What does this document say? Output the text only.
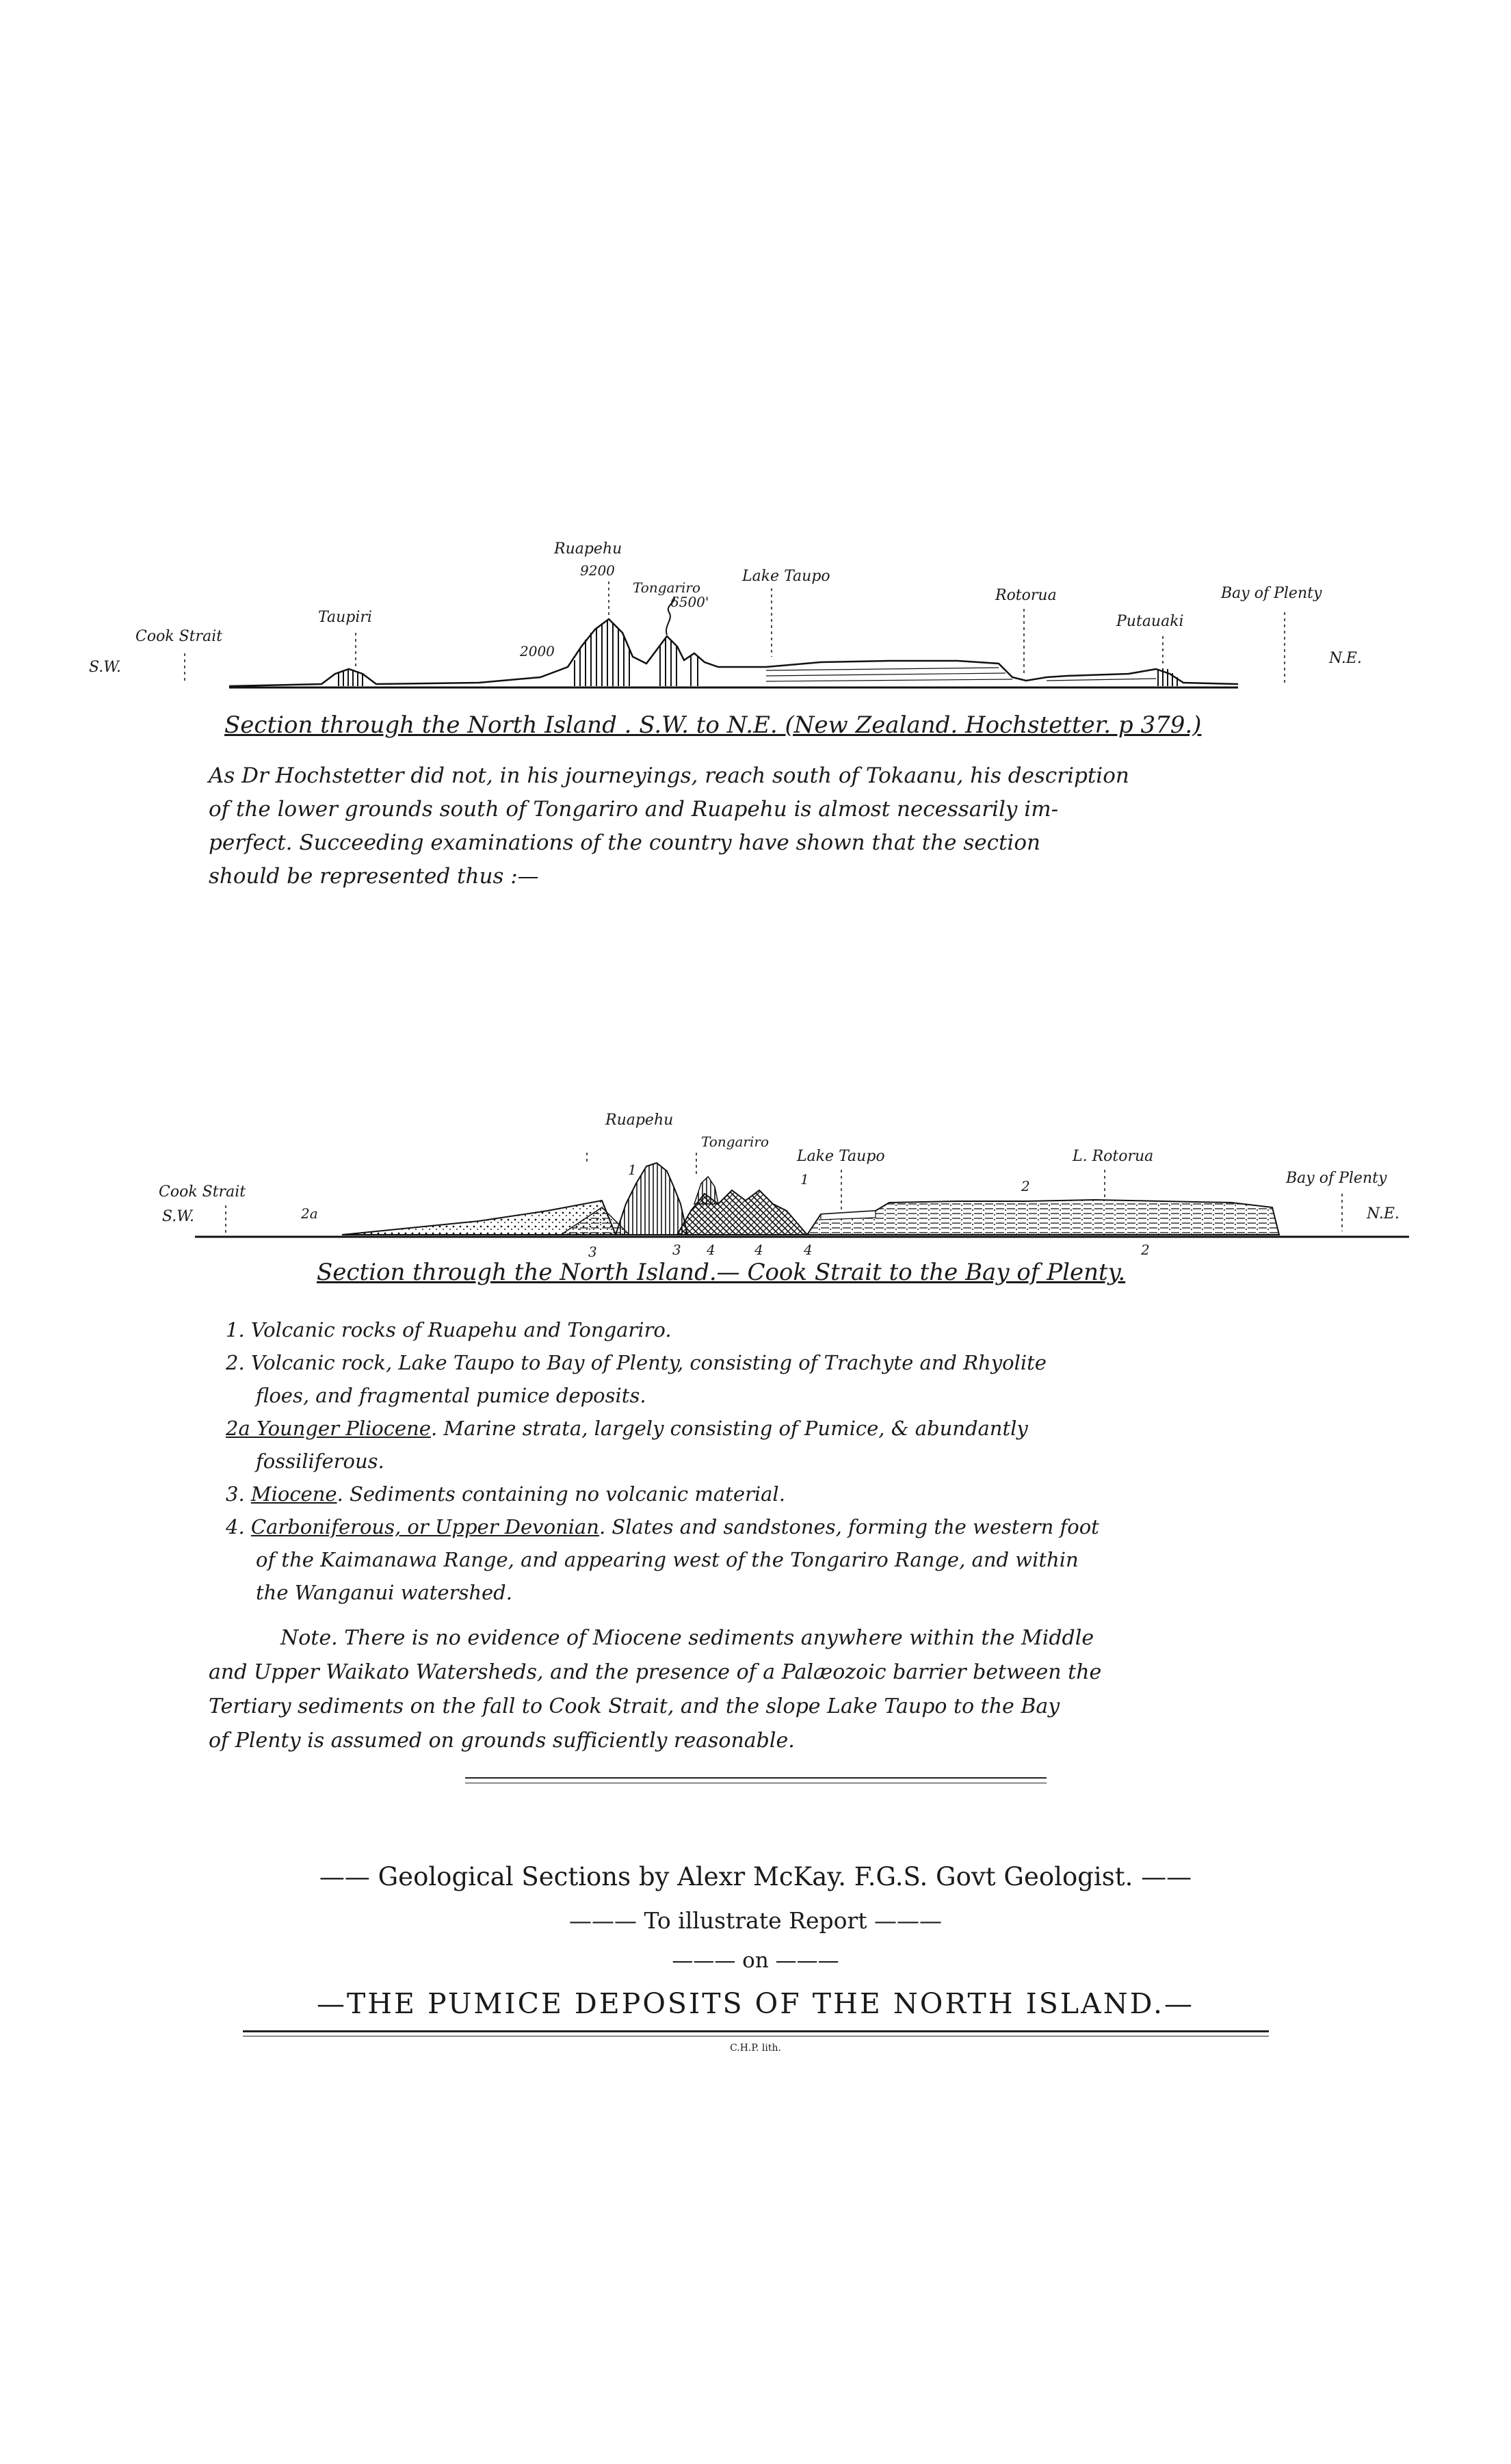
S.W.
Cook Strait
Taupiri
Ruapehu
9200
Tongariro
6500'
Lake Taupo
2000
Rotorua
Putauaki
Bay of Plenty
N.E.
Section through the North Island . S.W. to N.E. (New Zealand. Hochstetter. p 379.)
As Dr Hochstetter did not, in his journeyings, reach south of Tokaanu, his description
of the lower grounds south of Tongariro and Ruapehu is almost necessarily im-
perfect. Succeeding examinations of the country have shown that the section
should be represented thus :—
Cook Strait
S.W.	2a
Ruapehu
Tongariro
Lake Taupo	L. Rotorua
Bay of Plenty
N.E.
1
1	2
3	3 4	4	4	2
Section through the North Island.— Cook Strait to the Bay of Plenty.

1. Volcanic rocks of Ruapehu and Tongariro.

2. Volcanic rock, Lake Taupo to Bay of Plenty, consisting of Trachyte and Rhyolite

floes, and fragmental pumice deposits.

2a Younger Pliocene. Marine strata, largely consisting of Pumice, & abundantly

fossiliferous.

3. Miocene. Sediments containing no volcanic material.

4. Carboniferous, or Upper Devonian. Slates and sandstones, forming the western foot

of the Kaimanawa Range, and appearing west of the Tongariro Range, and within

the Wanganui watershed.

Note. There is no evidence of Miocene sediments anywhere within the Middle
and Upper Waikato Watersheds, and the presence of a Palæozoic barrier between the
Tertiary sediments on the fall to Cook Strait, and the slope Lake Taupo to the Bay
of Plenty is assumed on grounds sufficiently reasonable.
—— Geological Sections by Alexr McKay. F.G.S. Govt Geologist. ——
——— To illustrate Report ———
——— on ———
—THE PUMICE DEPOSITS OF THE NORTH ISLAND.—
C.H.P. lith.
